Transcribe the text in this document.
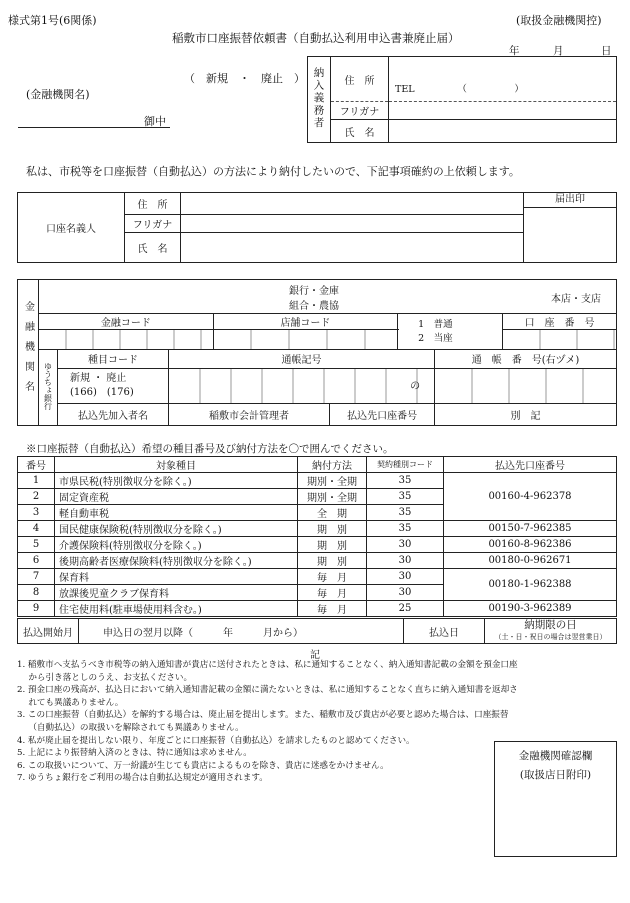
様式第1号(6関係)	(取扱金融機関控)
稲敷市口座振替依頼書（自動払込利用申込書兼廃止届）
年	月	日
（　新規　・　廃止　）
(金融機関名)
御中	納入義務者	住　所	TEL　　　　　（　　　　　）
	フリガナ	
	氏　名	
私は、市税等を口座振替（自動払込）の方法により納付したいので、下記事項確約の上依頼します。
口座名義人	住　所		届出印

	フリガナ		
	氏　名		
金融機関名	
銀行・金庫
組合・農協
本店・支店

金融コード	店舗コード	1　普通
2　当座
	口　座　番　号

ゆうちょ銀行	種目コード	通帳記号	通　帳　番　号(右ヅメ)

新規 ・ 廃止
(166)　(176)

の

払込先加入者名	稲敷市会計管理者	払込先口座番号	別　記
※口座振替（自動払込）希望の種目番号及び納付方法を〇で囲んでください。
番号	対象種目	納付方法	契約種別コード	払込先口座番号
1	市県民税(特別徴収分を除く。)	期別・全期	35	00160-4-962378
2	固定資産税	期別・全期	35	
3	軽自動車税	全　期	35	
4	国民健康保険税(特別徴収分を除く。)	期　別	35	00150-7-962385
5	介護保険料(特別徴収分を除く。)	期　別	30	00160-8-962386
6	後期高齢者医療保険料(特別徴収分を除く。)	期　別	30	00180-0-962671
7	保育料	毎　月	30	00180-1-962388
8	放課後児童クラブ保育料	毎　月	30	
9	住宅使用料(駐車場使用料含む。)	毎　月	25	00190-3-962389
払込開始月	申込日の翌月以降（　　　年　　　月から）	払込日	
納期限の日
（土・日・祝日の場合は翌営業日）
記
1. 稲敷市へ支払うべき市税等の納入通知書が貴店に送付されたときは、私に通知することなく、納入通知書記載の金額を預金口座
　 から引き落としのうえ、お支払ください。
2. 預金口座の残高が、払込日において納入通知書記載の金額に満たないときは、私に通知することなく直ちに納入通知書を返却さ
　 れても異議ありません。
3. この口座振替（自動払込）を解約する場合は、廃止届を提出します。また、稲敷市及び貴店が必要と認めた場合は、口座振替
　 （自動払込）の取扱いを解除されても異議ありません。
4. 私が廃止届を提出しない限り、年度ごとに口座振替（自動払込）を請求したものと認めてください。
5. 上記により振替納入済のときは、特に通知は求めません。
6. この取扱いについて、万一紛議が生じても貴店によるものを除き、貴店に迷惑をかけません。
7. ゆうちょ銀行をご利用の場合は自動払込規定が適用されます。
金融機関確認欄
(取扱店日附印)
